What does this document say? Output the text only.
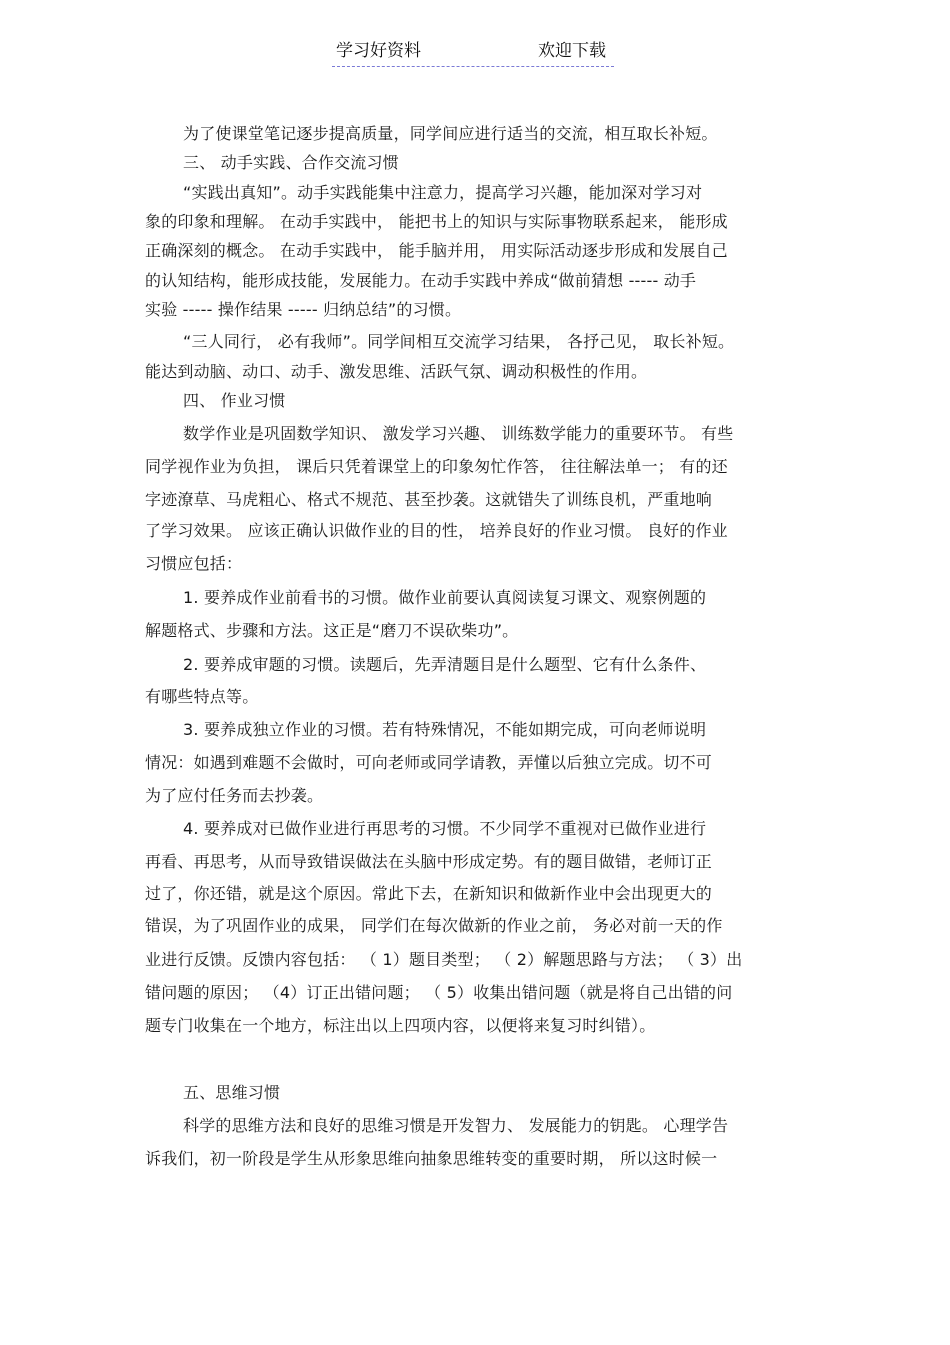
学习好资料	欢迎下载
为了使课堂笔记逐步提高质量，同学间应进行适当的交流，相互取长补短。
三、 动手实践、合作交流习惯
“实践出真知”。动手实践能集中注意力，提高学习兴趣，能加深对学习对
象的印象和理解。 在动手实践中， 能把书上的知识与实际事物联系起来， 能形成
正确深刻的概念。 在动手实践中， 能手脑并用， 用实际活动逐步形成和发展自己
的认知结构，能形成技能，发展能力。在动手实践中养成“做前猜想 ----- 动手
实验 ----- 操作结果 ----- 归纳总结”的习惯。
“三人同行， 必有我师”。同学间相互交流学习结果， 各抒己见， 取长补短。
能达到动脑、动口、动手、激发思维、活跃气氛、调动积极性的作用。
四、 作业习惯
数学作业是巩固数学知识、 激发学习兴趣、 训练数学能力的重要环节。 有些
同学视作业为负担， 课后只凭着课堂上的印象匆忙作答， 往往解法单一； 有的还
字迹潦草、马虎粗心、格式不规范、甚至抄袭。这就错失了训练良机，严重地响
了学习效果。 应该正确认识做作业的目的性， 培养良好的作业习惯。 良好的作业
习惯应包括：
1. 要养成作业前看书的习惯。做作业前要认真阅读复习课文、观察例题的
解题格式、步骤和方法。这正是“磨刀不误砍柴功”。
2. 要养成审题的习惯。读题后，先弄清题目是什么题型、它有什么条件、
有哪些特点等。
3. 要养成独立作业的习惯。若有特殊情况，不能如期完成，可向老师说明
情况：如遇到难题不会做时，可向老师或同学请教，弄懂以后独立完成。切不可
为了应付任务而去抄袭。
4. 要养成对已做作业进行再思考的习惯。不少同学不重视对已做作业进行
再看、再思考，从而导致错误做法在头脑中形成定势。有的题目做错，老师订正
过了，你还错，就是这个原因。常此下去，在新知识和做新作业中会出现更大的
错误，为了巩固作业的成果， 同学们在每次做新的作业之前， 务必对前一天的作
业进行反馈。反馈内容包括： （ 1）题目类型； （ 2）解题思路与方法； （ 3）出
错问题的原因； （4）订正出错问题； （ 5）收集出错问题（就是将自己出错的问
题专门收集在一个地方，标注出以上四项内容，以便将来复习时纠错）。
五、思维习惯
科学的思维方法和良好的思维习惯是开发智力、 发展能力的钥匙。 心理学告
诉我们，初一阶段是学生从形象思维向抽象思维转变的重要时期， 所以这时候一
